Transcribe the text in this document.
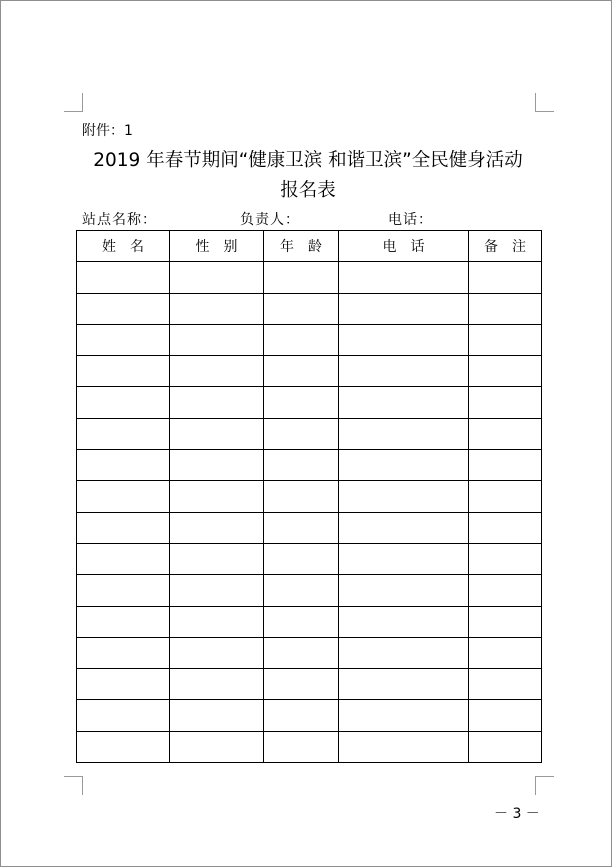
附件：1
2019 年春节期间“健康卫滨 和谐卫滨”全民健身活动
报名表
站点名称：	负责人：	电话：
姓　名	性　别	年　龄	电　话	备　注

－ 3 －
